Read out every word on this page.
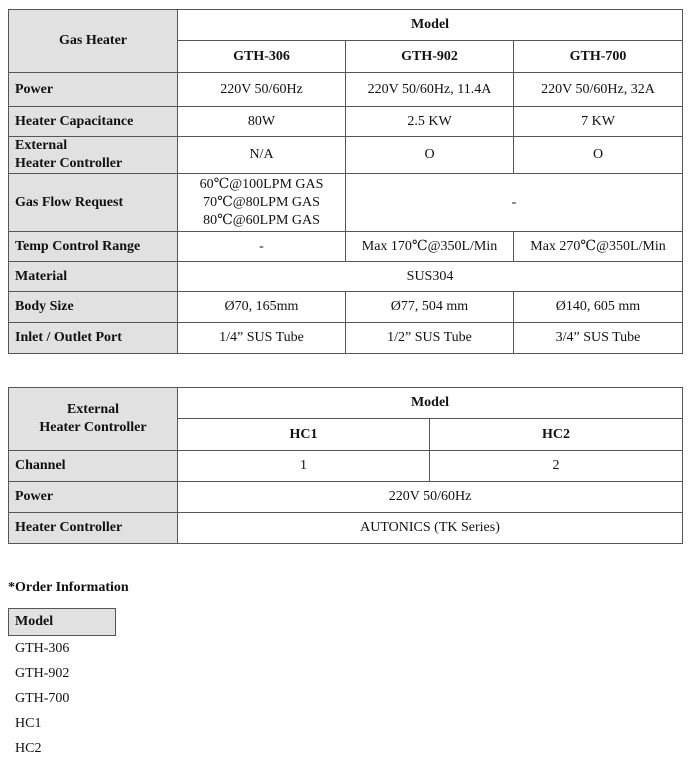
Gas Heater	Model		
	GTH-306	GTH-902	GTH-700
Power	220V 50/60Hz	220V 50/60Hz, 11.4A	220V 50/60Hz, 32A
Heater Capacitance	80W	2.5 KW	7 KW

External
Heater Controller	N/A	O	O
Gas Flow Request	60℃@100LPM GAS
70℃@80LPM GAS
80℃@60LPM GAS	-	
Temp Control Range	-	Max 170℃@350L/Min	Max 270℃@350L/Min
Material	SUS304		
Body Size	Ø70, 165mm	Ø77, 504 mm	Ø140, 605 mm
Inlet / Outlet Port	1/4” SUS Tube	1/2” SUS Tube	3/4” SUS Tube
External
Heater Controller	Model	
	HC1	HC2
Channel	1	2
Power	220V 50/60Hz	
Heater Controller	AUTONICS (TK Series)	
*Order Information
Model
GTH-306
GTH-902
GTH-700
HC1
HC2
